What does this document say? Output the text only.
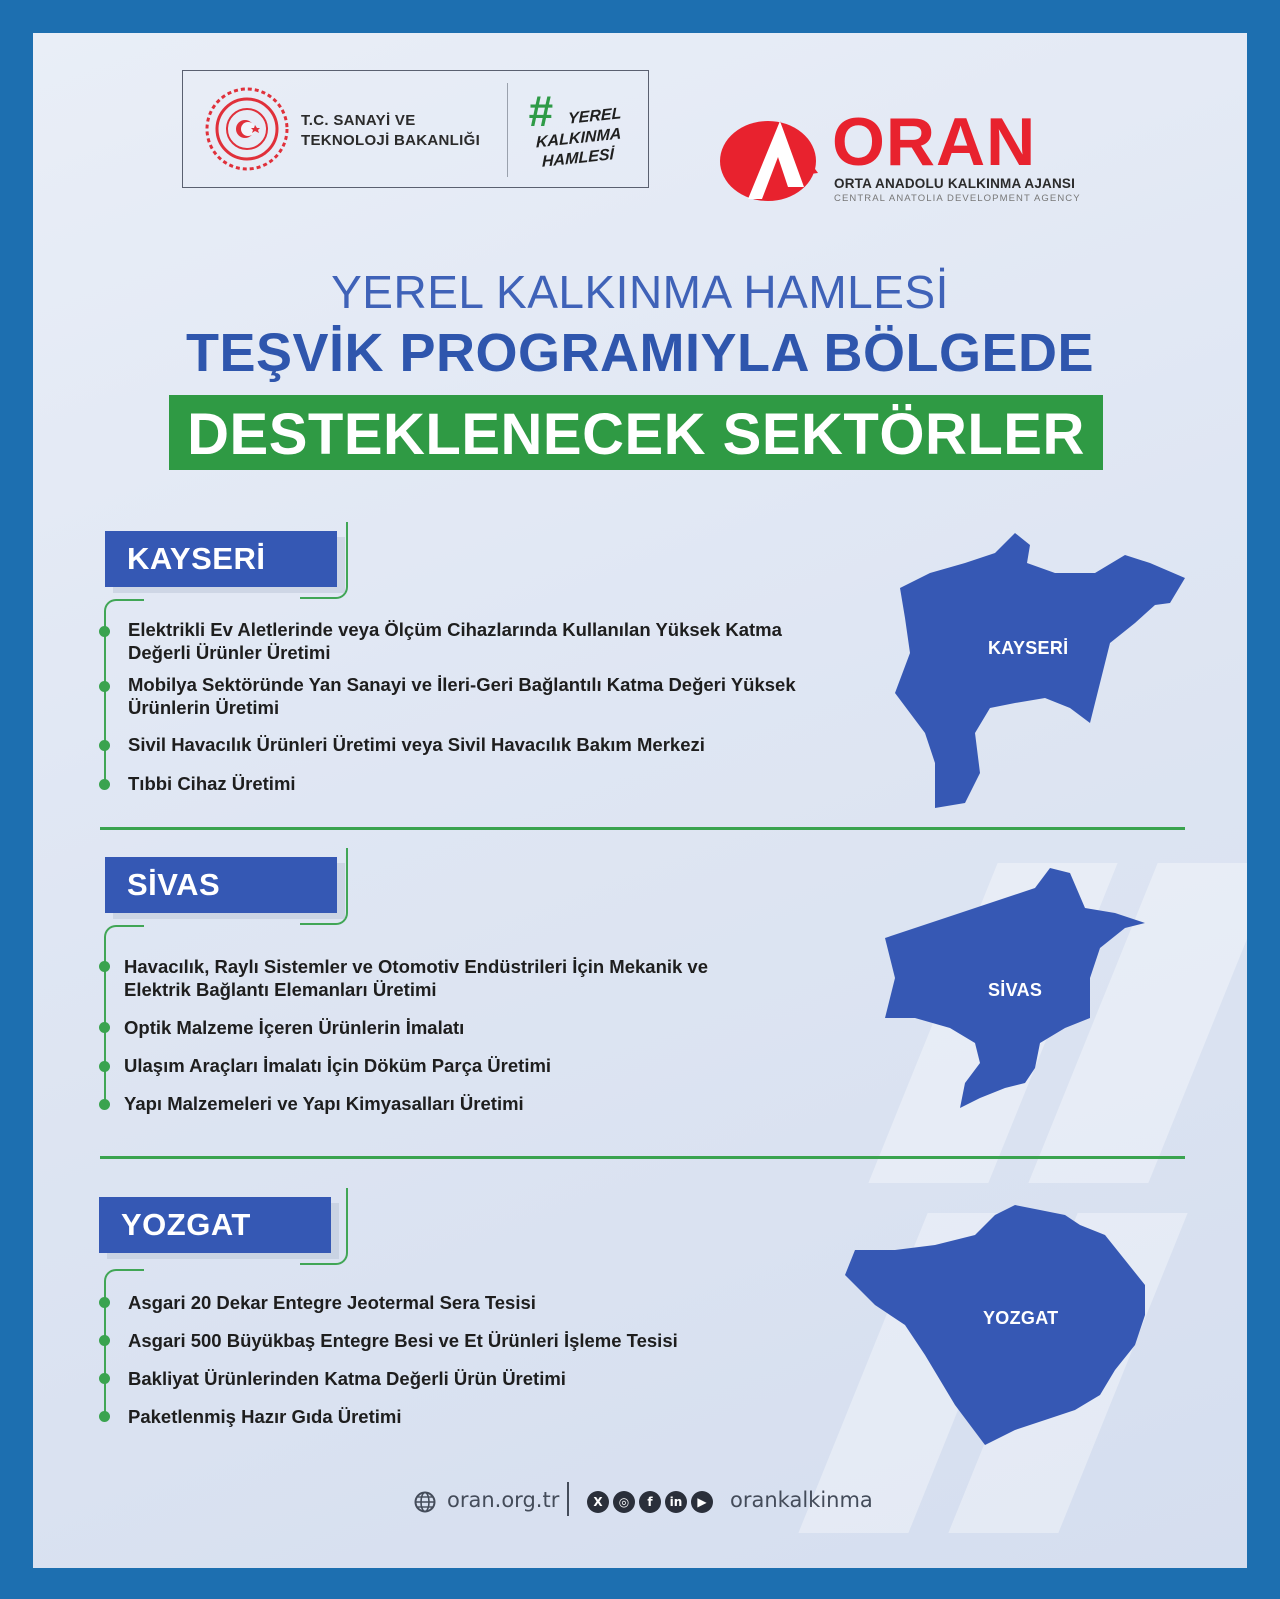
T.C. SANAYİ VE
TEKNOLOJİ BAKANLIĞI
# YEREL
KALKINMA
HAMLESİ	ORAN
ORTA ANADOLU KALKINMA AJANSI
CENTRAL ANATOLIA DEVELOPMENT AGENCY
YEREL KALKINMA HAMLESİ
TEŞVİK PROGRAMIYLA BÖLGEDE
DESTEKLENECEK SEKTÖRLER
KAYSERİ
Elektrikli Ev Aletlerinde veya Ölçüm Cihazlarında Kullanılan Yüksek Katma
Değerli Ürünler Üretimi
Mobilya Sektöründe Yan Sanayi ve İleri-Geri Bağlantılı Katma Değeri Yüksek
Ürünlerin Üretimi
Sivil Havacılık Ürünleri Üretimi veya Sivil Havacılık Bakım Merkezi
Tıbbi Cihaz Üretimi
KAYSERİ
SİVAS
Havacılık, Raylı Sistemler ve Otomotiv Endüstrileri İçin Mekanik ve
Elektrik Bağlantı Elemanları Üretimi
Optik Malzeme İçeren Ürünlerin İmalatı
Ulaşım Araçları İmalatı İçin Döküm Parça Üretimi
Yapı Malzemeleri ve Yapı Kimyasalları Üretimi
SİVAS
YOZGAT
Asgari 20 Dekar Entegre Jeotermal Sera Tesisi
Asgari 500 Büyükbaş Entegre Besi ve Et Ürünleri İşleme Tesisi
Bakliyat Ürünlerinden Katma Değerli Ürün Üretimi
Paketlenmiş Hazır Gıda Üretimi
YOZGAT
oran.org.tr	X	◎	f	in	▶	orankalkinma
